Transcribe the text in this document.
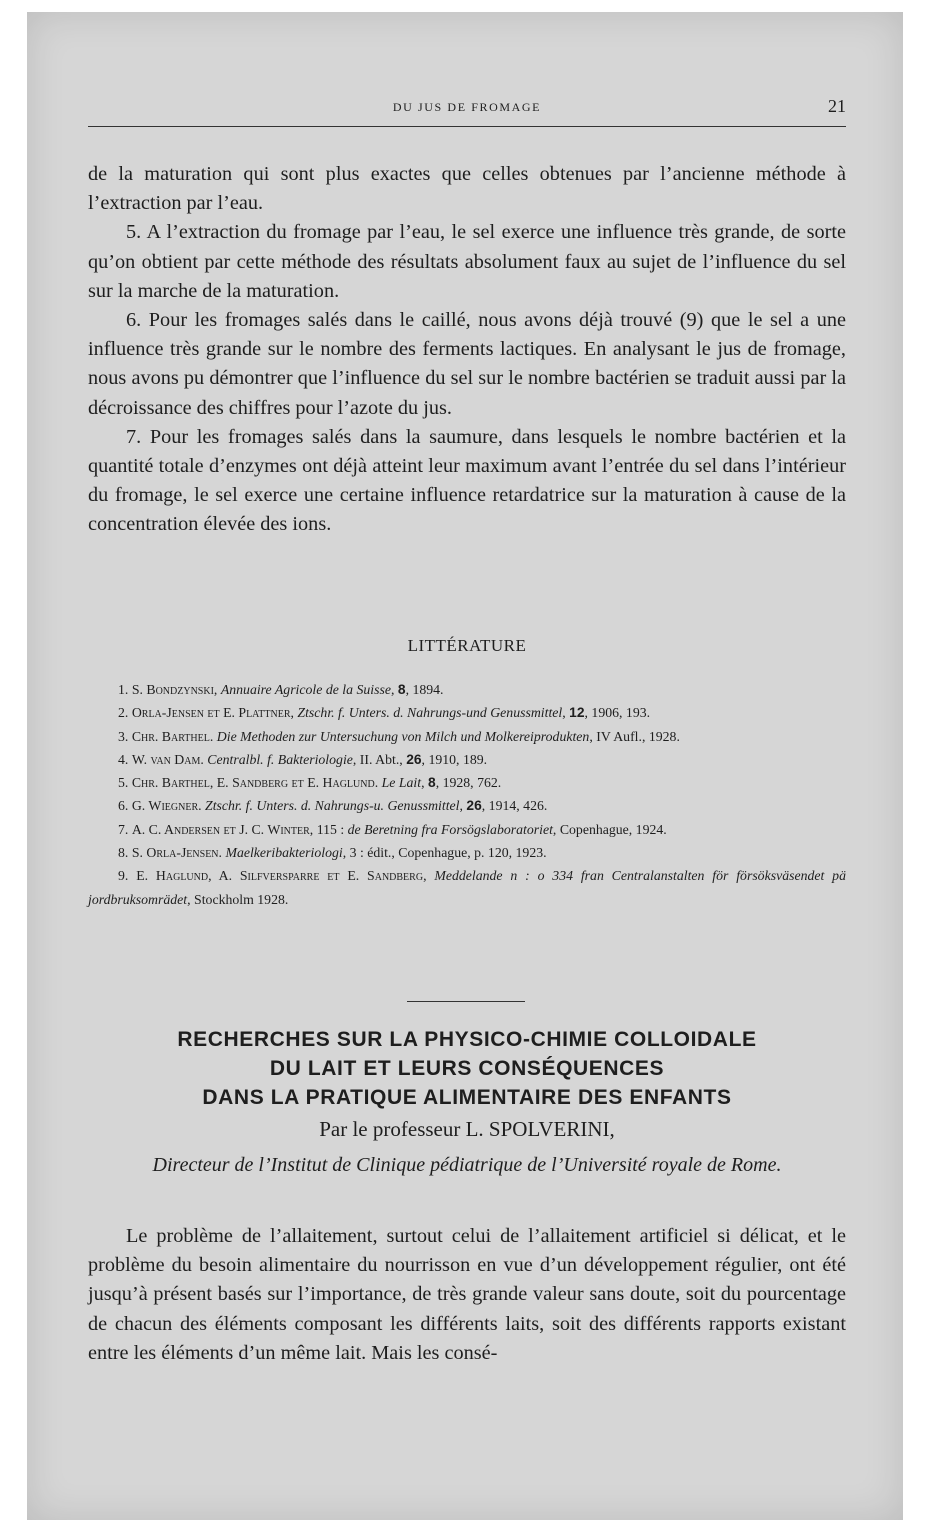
DU JUS DE FROMAGE	21

de la maturation qui sont plus exactes que celles obtenues par l’ancienne méthode à l’extraction par l’eau.

5. A l’extraction du fromage par l’eau, le sel exerce une influence très grande, de sorte qu’on obtient par cette méthode des résultats absolument faux au sujet de l’influence du sel sur la marche de la maturation.

6. Pour les fromages salés dans le caillé, nous avons déjà trouvé (9) que le sel a une influence très grande sur le nombre des ferments lactiques. En analysant le jus de fromage, nous avons pu démontrer que l’influence du sel sur le nombre bactérien se traduit aussi par la décroissance des chiffres pour l’azote du jus.

7. Pour les fromages salés dans la saumure, dans lesquels le nombre bactérien et la quantité totale d’enzymes ont déjà atteint leur maximum avant l’entrée du sel dans l’intérieur du fromage, le sel exerce une certaine influence retardatrice sur la maturation à cause de la concentration élevée des ions.

LITTÉRATURE

1. S. Bondzynski, Annuaire Agricole de la Suisse, 8, 1894.

2. Orla-Jensen et E. Plattner, Ztschr. f. Unters. d. Nahrungs-und Genussmittel, 12, 1906, 193.

3. Chr. Barthel. Die Methoden zur Untersuchung von Milch und Molkereiprodukten, IV Aufl., 1928.

4. W. van Dam. Centralbl. f. Bakteriologie, II. Abt., 26, 1910, 189.

5. Chr. Barthel, E. Sandberg et E. Haglund. Le Lait, 8, 1928, 762.

6. G. Wiegner. Ztschr. f. Unters. d. Nahrungs-u. Genussmittel, 26, 1914, 426.

7. A. C. Andersen et J. C. Winter, 115 : de Beretning fra Forsögslaboratoriet, Copenhague, 1924.

8. S. Orla-Jensen. Maelkeribakteriologi, 3 : édit., Copenhague, p. 120, 1923.

9. E. Haglund, A. Silfversparre et E. Sandberg, Meddelande n : o 334 fran Centralanstalten för försöksväsendet pä jordbruksomrädet, Stockholm 1928.

RECHERCHES SUR LA PHYSICO-CHIMIE COLLOIDALE
DU LAIT ET LEURS CONSÉQUENCES
DANS LA PRATIQUE ALIMENTAIRE DES ENFANTS
Par le professeur L. SPOLVERINI,
Directeur de l’Institut de Clinique pédiatrique de l’Université royale de Rome.

Le problème de l’allaitement, surtout celui de l’allaitement artificiel si délicat, et le problème du besoin alimentaire du nourrisson en vue d’un développement régulier, ont été jusqu’à présent basés sur l’importance, de très grande valeur sans doute, soit du pourcentage de chacun des éléments composant les différents laits, soit des différents rapports existant entre les éléments d’un même lait. Mais les consé-
